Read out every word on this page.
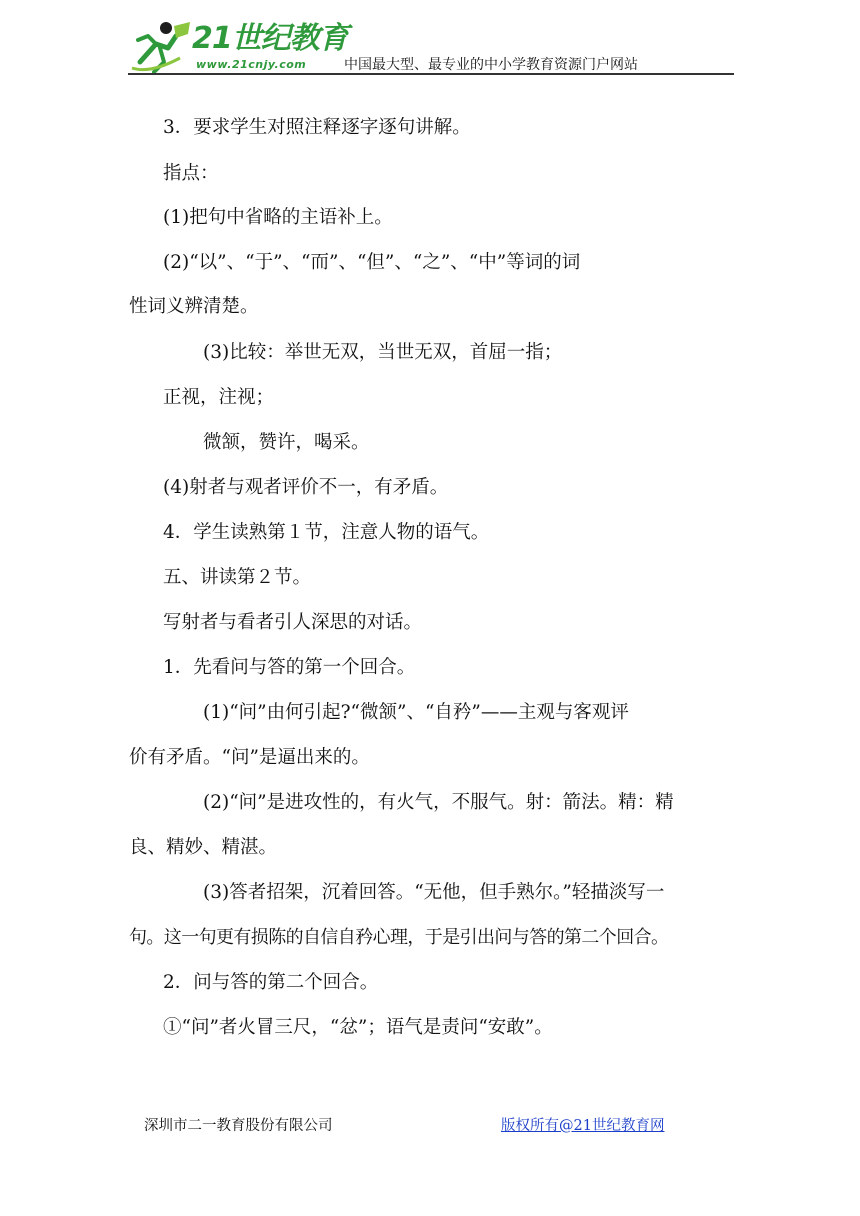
21世纪教育
www.21cnjy.com	中国最大型、最专业的中小学教育资源门户网站
3．要求学生对照注释逐字逐句讲解。
指点：
(1)把句中省略的主语补上。
(2)“以”、“于”、“而”、“但”、“之”、“中”等词的词
性词义辨清楚。
(3)比较：举世无双，当世无双，首屈一指；
正视，注视；
微颔，赞许，喝采。
(4)射者与观者评价不一，有矛盾。
4．学生读熟第１节，注意人物的语气。
五、讲读第２节。
写射者与看者引人深思的对话。
1．先看问与答的第一个回合。
(1)“问”由何引起?“微颔”、“自矜”——主观与客观评
价有矛盾。“问”是逼出来的。
(2)“问”是进攻性的，有火气，不服气。射：箭法。精：精
良、精妙、精湛。
(3)答者招架，沉着回答。“无他，但手熟尔。”轻描淡写一
句。这一句更有损陈的自信自矜心理，于是引出问与答的第二个回合。
2．问与答的第二个回合。
①“问”者火冒三尺，“忿”；语气是责问“安敢”。
深圳市二一教育股份有限公司	版权所有@21世纪教育网
